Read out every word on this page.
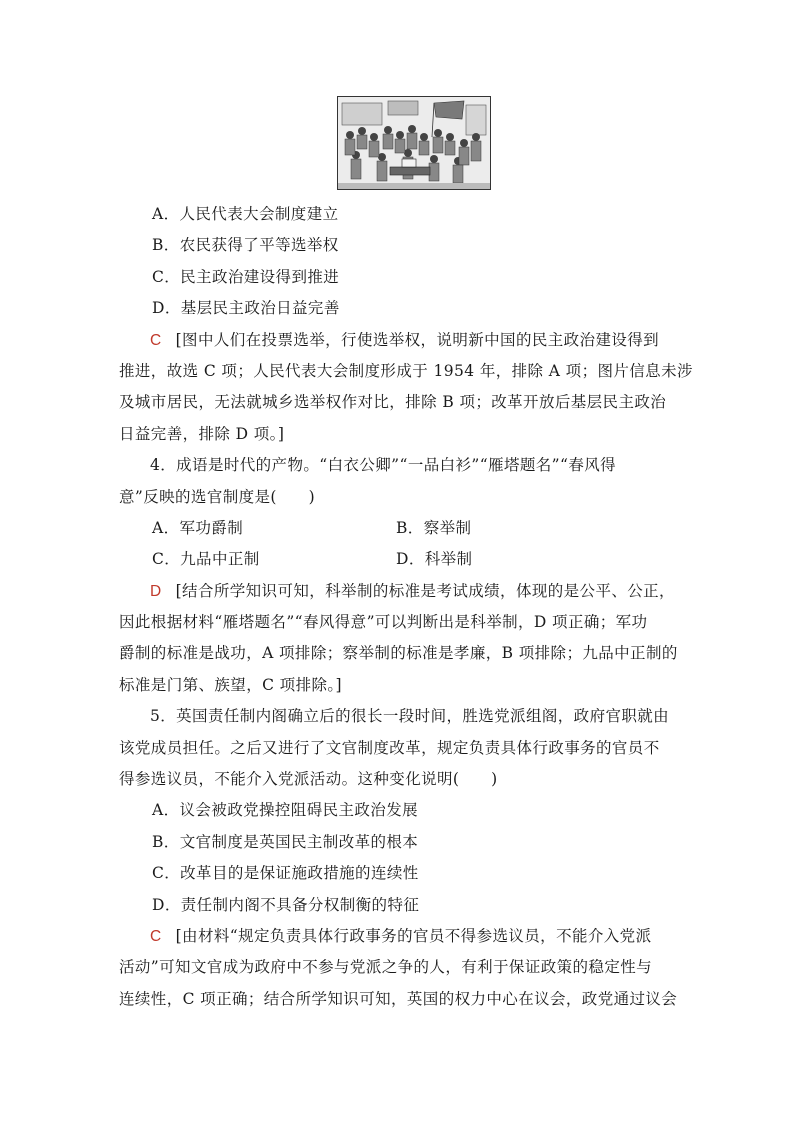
A．人民代表大会制度建立
B．农民获得了平等选举权
C．民主政治建设得到推进
D．基层民主政治日益完善
C [图中人们在投票选举，行使选举权，说明新中国的民主政治建设得到
推进，故选 C 项；人民代表大会制度形成于 1954 年，排除 A 项；图片信息未涉
及城市居民，无法就城乡选举权作对比，排除 B 项；改革开放后基层民主政治
日益完善，排除 D 项。]
4．成语是时代的产物。“白衣公卿”“一品白衫”“雁塔题名”“春风得
意”反映的选官制度是(　　)
A．军功爵制	B．察举制
C．九品中正制	D．科举制
D [结合所学知识可知，科举制的标准是考试成绩，体现的是公平、公正，
因此根据材料“雁塔题名”“春风得意”可以判断出是科举制，D 项正确；军功
爵制的标准是战功，A 项排除；察举制的标准是孝廉，B 项排除；九品中正制的
标准是门第、族望，C 项排除。]
5．英国责任制内阁确立后的很长一段时间，胜选党派组阁，政府官职就由
该党成员担任。之后又进行了文官制度改革，规定负责具体行政事务的官员不
得参选议员，不能介入党派活动。这种变化说明(　　)
A．议会被政党操控阻碍民主政治发展
B．文官制度是英国民主制改革的根本
C．改革目的是保证施政措施的连续性
D．责任制内阁不具备分权制衡的特征
C [由材料“规定负责具体行政事务的官员不得参选议员，不能介入党派
活动”可知文官成为政府中不参与党派之争的人，有利于保证政策的稳定性与
连续性，C 项正确；结合所学知识可知，英国的权力中心在议会，政党通过议会
